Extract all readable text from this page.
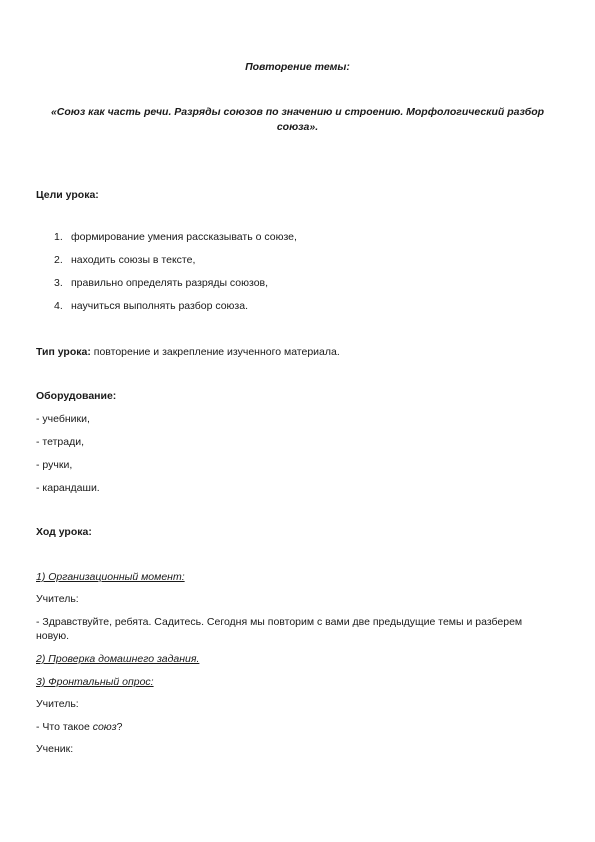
Повторение темы:
«Союз как часть речи. Разряды союзов по значению и строению. Морфологический разбор
союза».
Цели урока:
1. формирование умения рассказывать о союзе,
2. находить союзы в тексте,
3. правильно определять разряды союзов,
4. научиться выполнять разбор союза.
Тип урока: повторение и закрепление изученного материала.
Оборудование:
- учебники,
- тетради,
- ручки,
- карандаши.
Ход урока:
1) Организационный момент:
Учитель:
- Здравствуйте, ребята. Садитесь. Сегодня мы повторим с вами две предыдущие темы и разберем
новую.
2) Проверка домашнего задания.
3) Фронтальный опрос:
Учитель:
- Что такое союз?
Ученик:
